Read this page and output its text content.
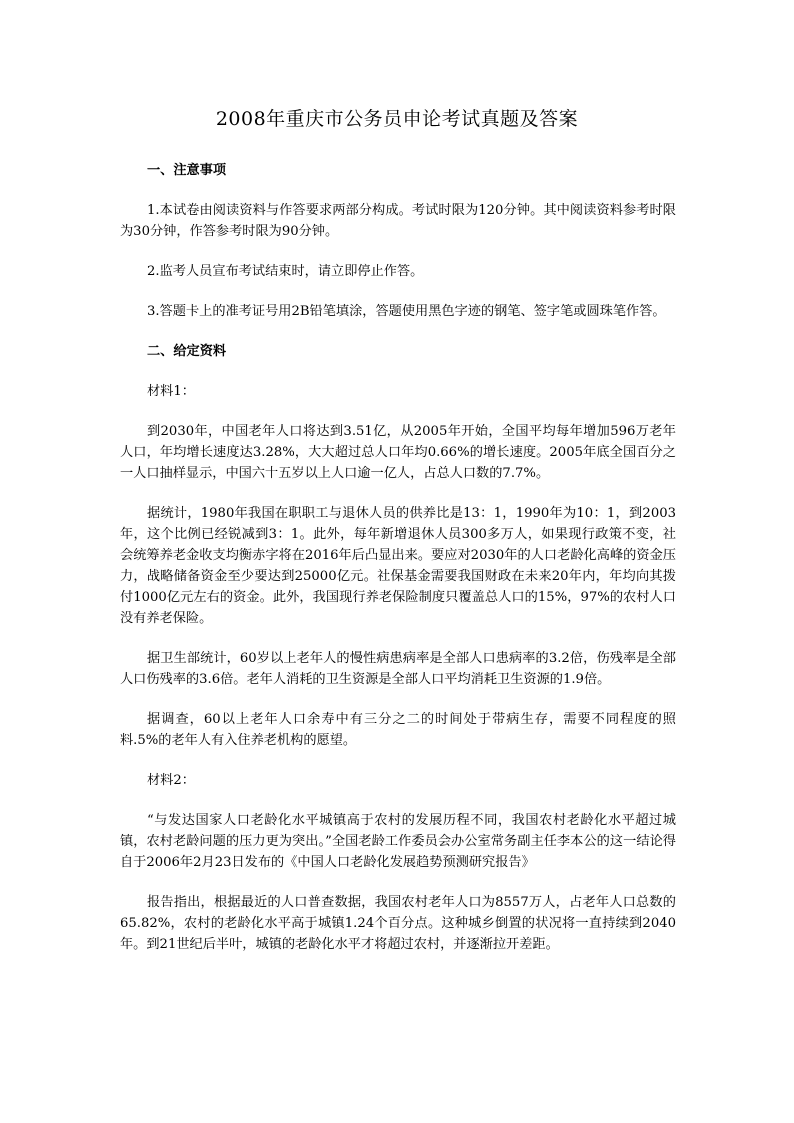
2008年重庆市公务员申论考试真题及答案

一、注意事项

1.本试卷由阅读资料与作答要求两部分构成。考试时限为120分钟。其中阅读资料参考时限为30分钟，作答参考时限为90分钟。

2.监考人员宣布考试结束时，请立即停止作答。

3.答题卡上的准考证号用2B铅笔填涂，答题使用黑色字迹的钢笔、签字笔或圆珠笔作答。

二、给定资料

材料1：

到2030年，中国老年人口将达到3.51亿，从2005年开始，全国平均每年增加596万老年人口，年均增长速度达3.28%，大大超过总人口年均0.66%的增长速度。2005年底全国百分之一人口抽样显示，中国六十五岁以上人口逾一亿人，占总人口数的7.7%。

据统计，1980年我国在职职工与退休人员的供养比是13：1，1990年为10：1，到2003年，这个比例已经锐减到3：1。此外，每年新增退休人员300多万人，如果现行政策不变，社会统筹养老金收支均衡赤字将在2016年后凸显出来。要应对2030年的人口老龄化高峰的资金压力，战略储备资金至少要达到25000亿元。社保基金需要我国财政在未来20年内，年均向其拨付1000亿元左右的资金。此外，我国现行养老保险制度只覆盖总人口的15%，97%的农村人口没有养老保险。

据卫生部统计，60岁以上老年人的慢性病患病率是全部人口患病率的3.2倍，伤残率是全部人口伤残率的3.6倍。老年人消耗的卫生资源是全部人口平均消耗卫生资源的1.9倍。

据调查，60以上老年人口余寿中有三分之二的时间处于带病生存，需要不同程度的照料.5%的老年人有入住养老机构的愿望。

材料2：

“与发达国家人口老龄化水平城镇高于农村的发展历程不同，我国农村老龄化水平超过城镇，农村老龄问题的压力更为突出。”全国老龄工作委员会办公室常务副主任李本公的这一结论得自于2006年2月23日发布的《中国人口老龄化发展趋势预测研究报告》

报告指出，根据最近的人口普查数据，我国农村老年人口为8557万人，占老年人口总数的65.82%，农村的老龄化水平高于城镇1.24个百分点。这种城乡倒置的状况将一直持续到2040年。到21世纪后半叶，城镇的老龄化水平才将超过农村，并逐渐拉开差距。
